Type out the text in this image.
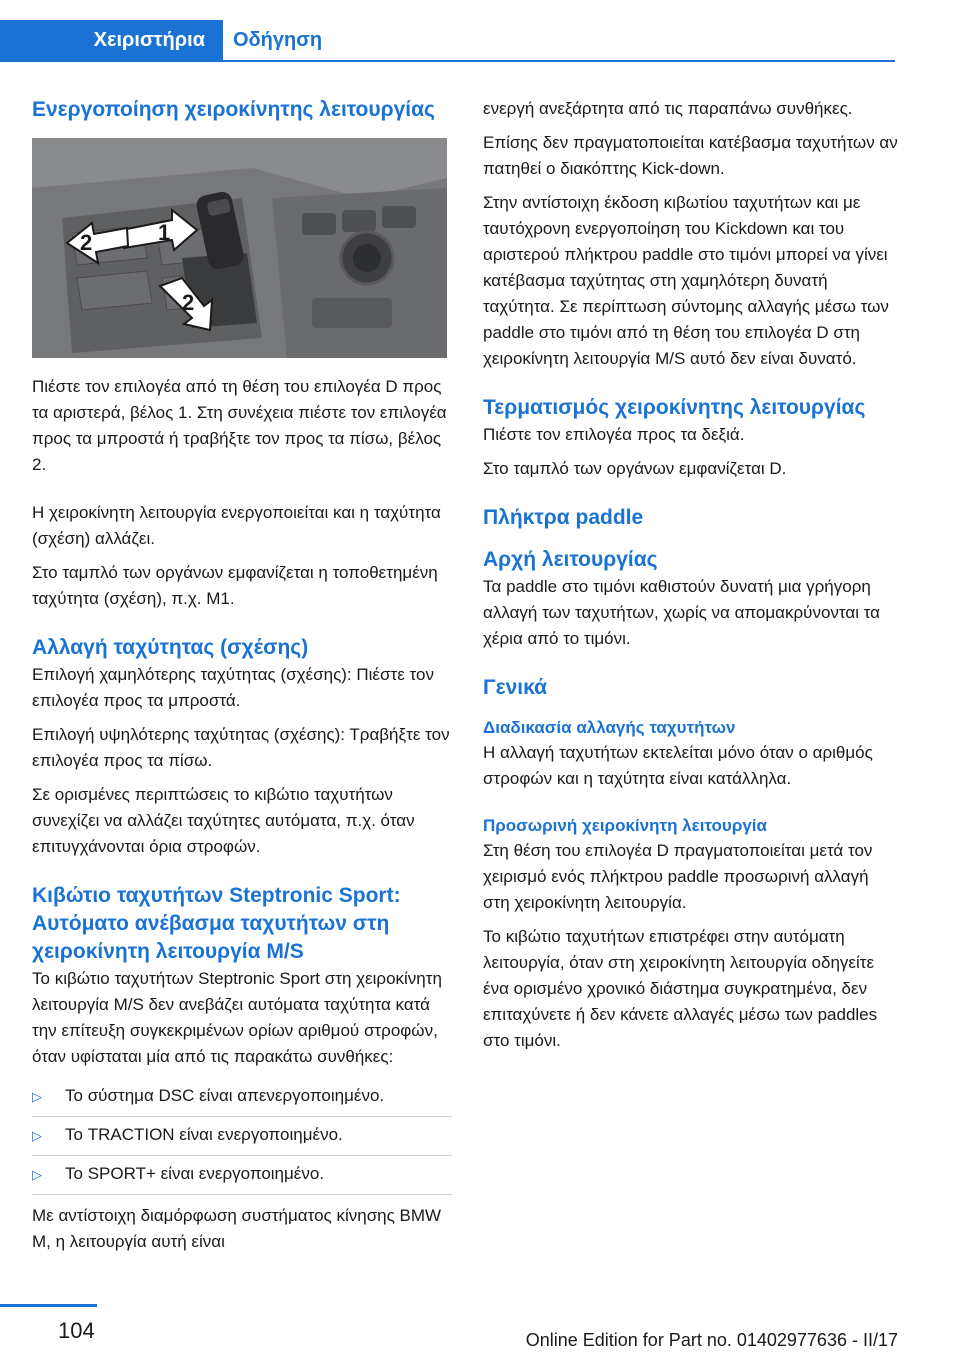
Χειριστήρια	Οδήγηση
Ενεργοποίηση χειροκίνητης λειτουργίας
1
2
2

Πιέστε τον επιλογέα από τη θέση του επιλογέα D προς τα αριστερά, βέλος 1. Στη συνέχεια πιέστε τον επιλογέα προς τα μπροστά ή τραβήξτε τον προς τα πίσω, βέλος 2.

Η χειροκίνητη λειτουργία ενεργοποιείται και η ταχύτητα (σχέση) αλλάζει.

Στο ταμπλό των οργάνων εμφανίζεται η τοποθετημένη ταχύτητα (σχέση), π.χ. M1.

Αλλαγή ταχύτητας (σχέσης)

Επιλογή χαμηλότερης ταχύτητας (σχέσης): Πιέστε τον επιλογέα προς τα μπροστά.

Επιλογή υψηλότερης ταχύτητας (σχέσης): Τραβήξτε τον επιλογέα προς τα πίσω.

Σε ορισμένες περιπτώσεις το κιβώτιο ταχυτήτων συνεχίζει να αλλάζει ταχύτητες αυτόματα, π.χ. όταν επιτυγχάνονται όρια στροφών.

Κιβώτιο ταχυτήτων Steptronic Sport: Αυτόματο ανέβασμα ταχυτήτων στη χειροκίνητη λειτουργία M/S

Το κιβώτιο ταχυτήτων Steptronic Sport στη χειροκίνητη λειτουργία M/S δεν ανεβάζει αυτόματα ταχύτητα κατά την επίτευξη συγκεκριμένων ορίων αριθμού στροφών, όταν υφίσταται μία από τις παρακάτω συνθήκες:

▷	Το σύστημα DSC είναι απενεργοποιημένο.
▷	Το TRACTION είναι ενεργοποιημένο.
▷	Το SPORT+ είναι ενεργοποιημένο.

Με αντίστοιχη διαμόρφωση συστήματος κίνησης BMW M, η λειτουργία αυτή είναι

ενεργή ανεξάρτητα από τις παραπάνω συνθήκες.

Επίσης δεν πραγματοποιείται κατέβασμα ταχυτήτων αν πατηθεί ο διακόπτης Kick-down.

Στην αντίστοιχη έκδοση κιβωτίου ταχυτήτων και με ταυτόχρονη ενεργοποίηση του Kickdown και του αριστερού πλήκτρου paddle στο τιμόνι μπορεί να γίνει κατέβασμα ταχύτητας στη χαμηλότερη δυνατή ταχύτητα. Σε περίπτωση σύντομης αλλαγής μέσω των paddle στο τιμόνι από τη θέση του επιλογέα D στη χειροκίνητη λειτουργία M/S αυτό δεν είναι δυνατό.

Τερματισμός χειροκίνητης λειτουργίας

Πιέστε τον επιλογέα προς τα δεξιά.

Στο ταμπλό των οργάνων εμφανίζεται D.

Πλήκτρα paddle
Αρχή λειτουργίας

Τα paddle στο τιμόνι καθιστούν δυνατή μια γρήγορη αλλαγή των ταχυτήτων, χωρίς να απομακρύνονται τα χέρια από το τιμόνι.

Γενικά
Διαδικασία αλλαγής ταχυτήτων

Η αλλαγή ταχυτήτων εκτελείται μόνο όταν ο αριθμός στροφών και η ταχύτητα είναι κατάλληλα.

Προσωρινή χειροκίνητη λειτουργία

Στη θέση του επιλογέα D πραγματοποιείται μετά τον χειρισμό ενός πλήκτρου paddle προσωρινή αλλαγή στη χειροκίνητη λειτουργία.

Το κιβώτιο ταχυτήτων επιστρέφει στην αυτόματη λειτουργία, όταν στη χειροκίνητη λειτουργία οδηγείτε ένα ορισμένο χρονικό διάστημα συγκρατημένα, δεν επιταχύνετε ή δεν κάνετε αλλαγές μέσω των paddles στο τιμόνι.

104	Online Edition for Part no. 01402977636 - II/17
